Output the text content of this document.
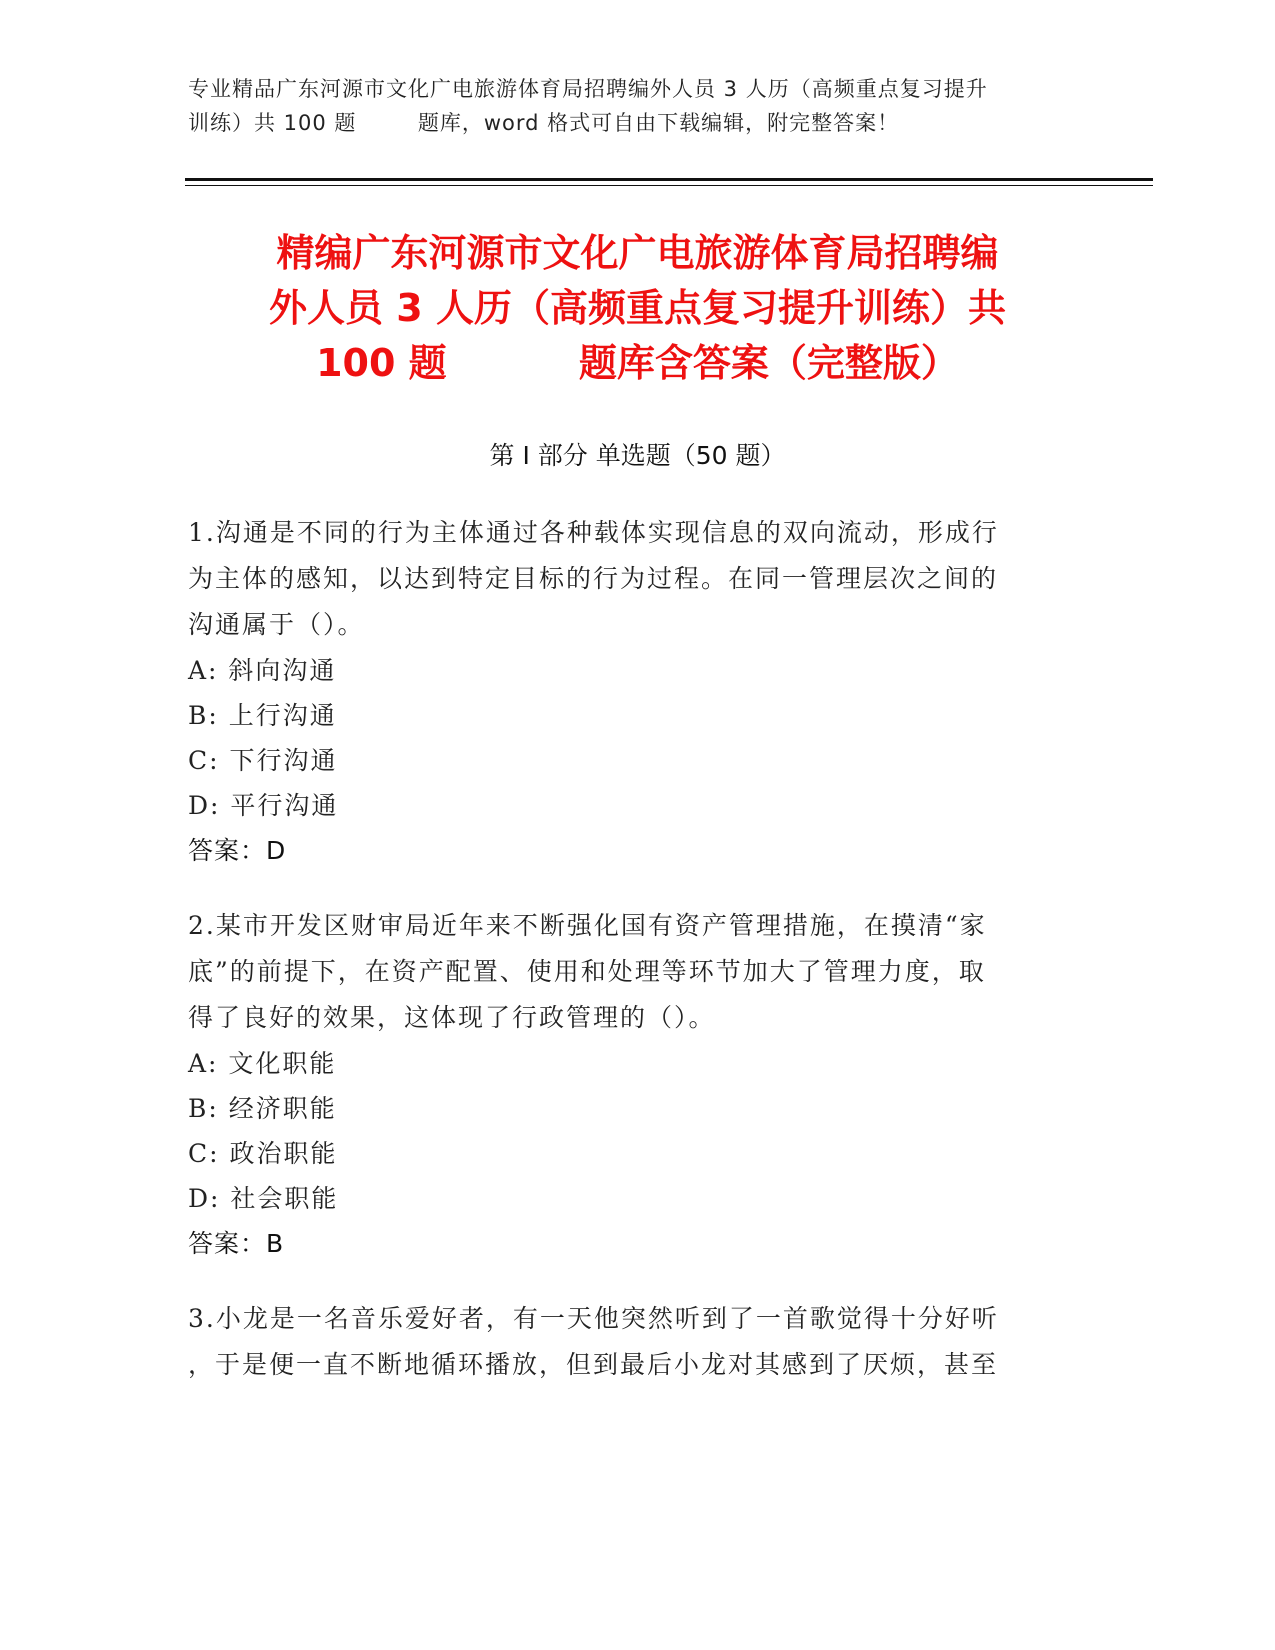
专业精品广东河源市文化广电旅游体育局招聘编外人员 3 人历（高频重点复习提升
训练）共 100 题        题库，word 格式可自由下载编辑，附完整答案！
精编广东河源市文化广电旅游体育局招聘编
外人员 3 人历（高频重点复习提升训练）共
100 题          题库含答案（完整版）
第 I 部分 单选题（50 题）
1.沟通是不同的行为主体通过各种载体实现信息的双向流动，形成行
为主体的感知，以达到特定目标的行为过程。在同一管理层次之间的
沟通属于（）。
A: 斜向沟通
B: 上行沟通
C: 下行沟通
D: 平行沟通
答案：D
2.某市开发区财审局近年来不断强化国有资产管理措施，在摸清“家
底”的前提下，在资产配置、使用和处理等环节加大了管理力度，取
得了良好的效果，这体现了行政管理的（）。
A: 文化职能
B: 经济职能
C: 政治职能
D: 社会职能
答案：B
3.小龙是一名音乐爱好者，有一天他突然听到了一首歌觉得十分好听
，于是便一直不断地循环播放，但到最后小龙对其感到了厌烦，甚至
